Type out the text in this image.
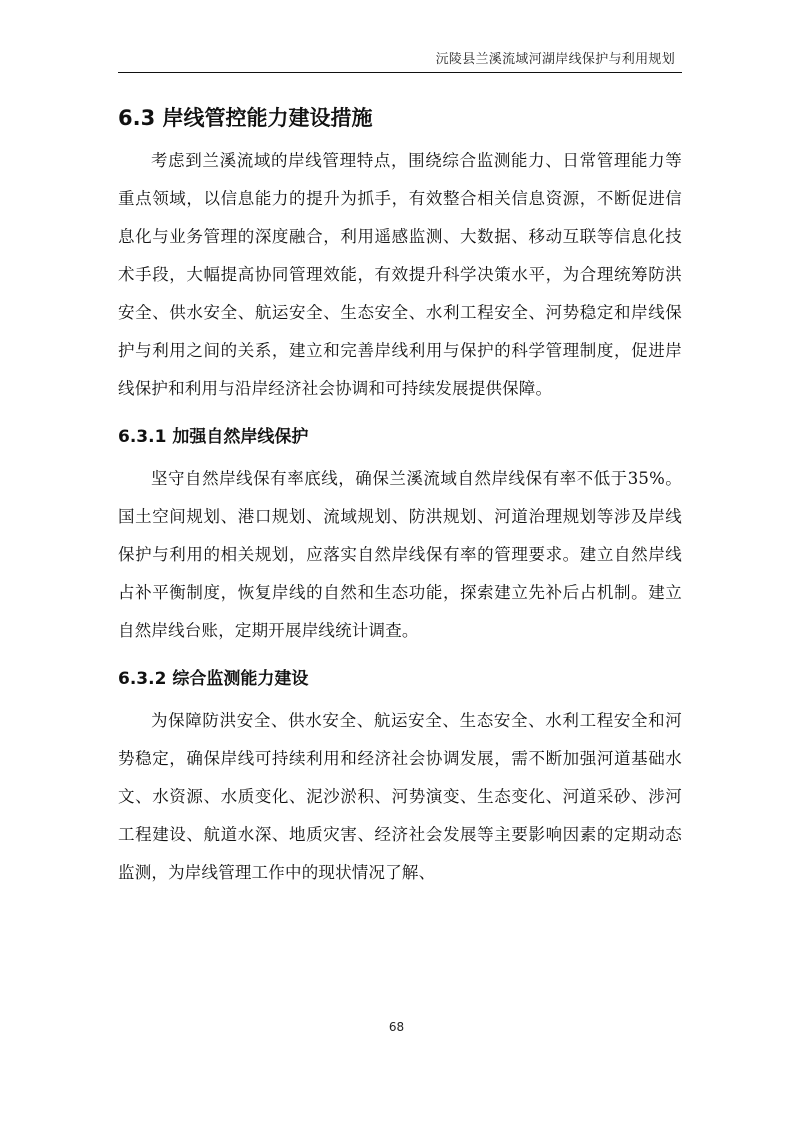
沅陵县兰溪流域河湖岸线保护与利用规划
6.3 岸线管控能力建设措施

考虑到兰溪流域的岸线管理特点，围绕综合监测能力、日常管理能力等重点领域，以信息能力的提升为抓手，有效整合相关信息资源，不断促进信息化与业务管理的深度融合，利用遥感监测、大数据、移动互联等信息化技术手段，大幅提高协同管理效能，有效提升科学决策水平，为合理统筹防洪安全、供水安全、航运安全、生态安全、水利工程安全、河势稳定和岸线保护与利用之间的关系，建立和完善岸线利用与保护的科学管理制度，促进岸线保护和利用与沿岸经济社会协调和可持续发展提供保障。

6.3.1 加强自然岸线保护

坚守自然岸线保有率底线，确保兰溪流域自然岸线保有率不低于35%。国土空间规划、港口规划、流域规划、防洪规划、河道治理规划等涉及岸线保护与利用的相关规划，应落实自然岸线保有率的管理要求。建立自然岸线占补平衡制度，恢复岸线的自然和生态功能，探索建立先补后占机制。建立自然岸线台账，定期开展岸线统计调查。

6.3.2 综合监测能力建设

为保障防洪安全、供水安全、航运安全、生态安全、水利工程安全和河势稳定，确保岸线可持续利用和经济社会协调发展，需不断加强河道基础水文、水资源、水质变化、泥沙淤积、河势演变、生态变化、河道采砂、涉河工程建设、航道水深、地质灾害、经济社会发展等主要影响因素的定期动态监测，为岸线管理工作中的现状情况了解、

68
